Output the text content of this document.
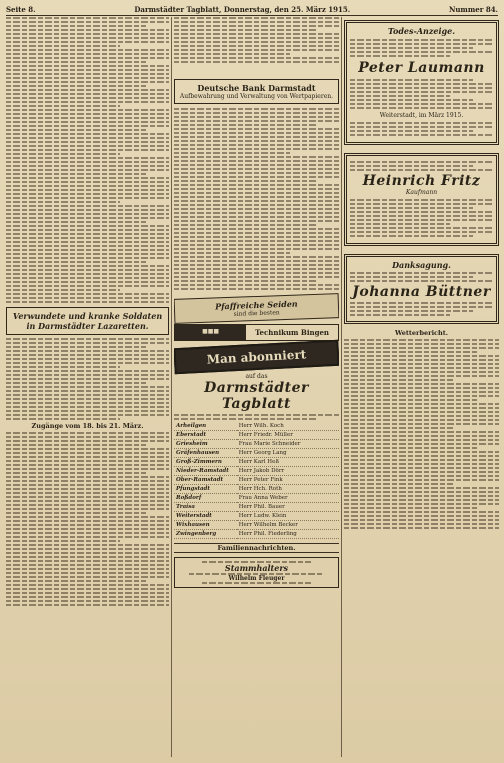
Seite 8.	Darmstädter Tagblatt, Donnerstag, den 25. März 1915.	Nummer 84.
Verwundete und kranke Soldaten in Darmstädter Lazaretten.
Zugänge vom 18. bis 21. März.
Deutsche Bank Darmstadt
Aufbewahrung und Verwaltung von Wertpapieren.
Pfaffreiche Seiden
sind die besten
■■■	Technikum Bingen
Man abonniert
auf das
Darmstädter Tagblatt
Arheilgen	Herr Wilh. Koch
Eberstadt	Herr Friedr. Müller
Griesheim	Frau Marie Schneider
Gräfenhausen	Herr Georg Lang
Groß-Zimmern	Herr Karl Heß
Nieder-Ramstadt	Herr Jakob Dörr
Ober-Ramstadt	Herr Peter Fink
Pfungstadt	Herr Hch. Roth
Roßdorf	Frau Anna Weber
Traisa	Herr Phil. Bauer
Weiterstadt	Herr Ludw. Klein
Wixhausen	Herr Wilhelm Becker
Zwingenberg	Herr Phil. Fiederling
Familiennachrichten.
Stammhalters
Wilhelm Fleuger
Todes-Anzeige.
Peter Laumann
Weiterstadt, im März 1915.
Heinrich Fritz
Kaufmann
Danksagung.
Johanna Büttner
Wetterbericht.
